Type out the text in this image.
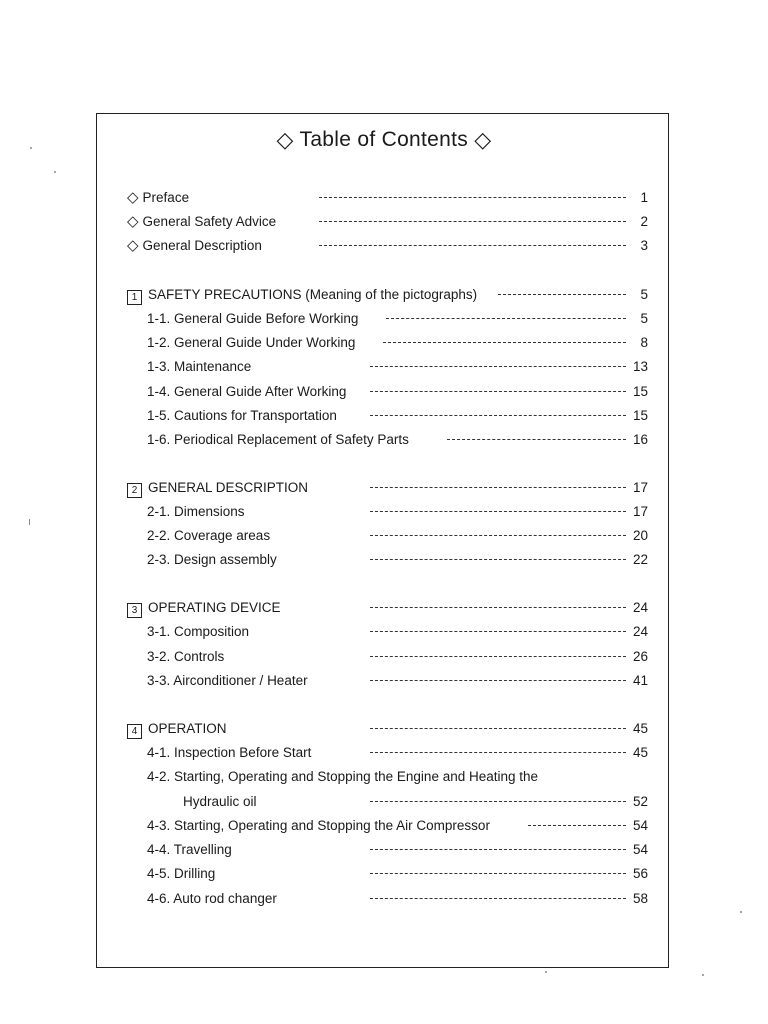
◇ Table of Contents ◇
◇ Preface	1
◇ General Safety Advice	2
◇ General Description	3
1 SAFETY PRECAUTIONS (Meaning of the pictographs)	5
1-1. General Guide Before Working	5
1-2. General Guide Under Working	8
1-3. Maintenance	13
1-4. General Guide After Working	15
1-5. Cautions for Transportation	15
1-6. Periodical Replacement of Safety Parts	16
2 GENERAL DESCRIPTION	17
2-1. Dimensions	17
2-2. Coverage areas	20
2-3. Design assembly	22
3 OPERATING DEVICE	24
3-1. Composition	24
3-2. Controls	26
3-3. Airconditioner / Heater	41
4 OPERATION	45
4-1. Inspection Before Start	45
4-2. Starting, Operating and Stopping the Engine and Heating the
Hydraulic oil	52
4-3. Starting, Operating and Stopping the Air Compressor	54
4-4. Travelling	54
4-5. Drilling	56
4-6. Auto rod changer	58
